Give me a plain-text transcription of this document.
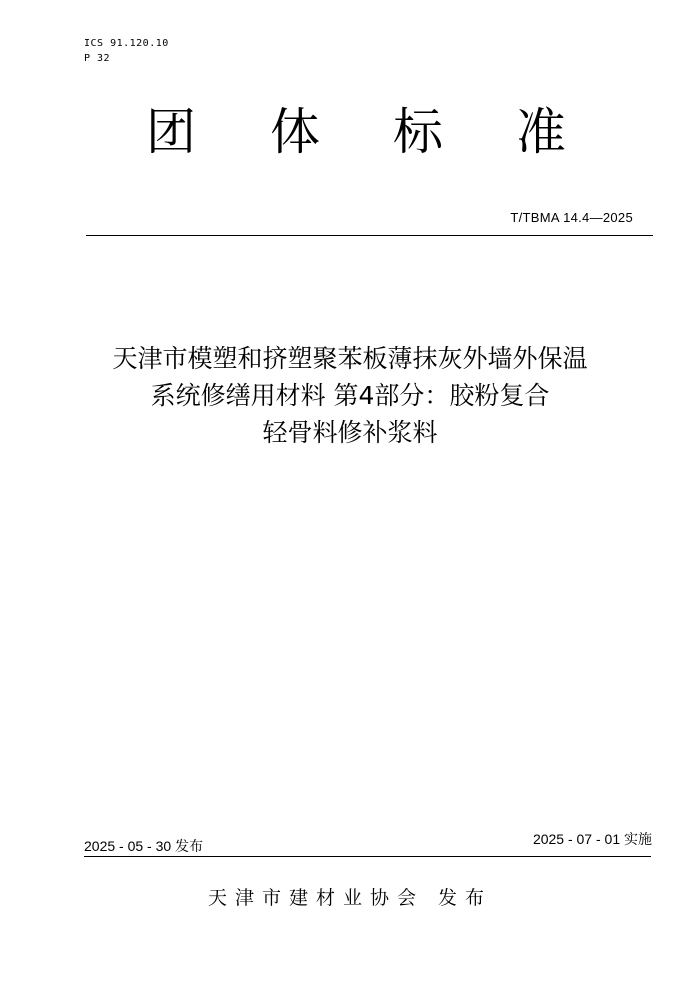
ICS 91.120.10
P 32
团 体 标 准
T/TBMA 14.4—2025
天津市模塑和挤塑聚苯板薄抹灰外墙外保温
系统修缮用材料 第4部分：胶粉复合
轻骨料修补浆料
2025 - 05 - 30 发布	2025 - 07 - 01 实施
天津市建材业协会 发布
